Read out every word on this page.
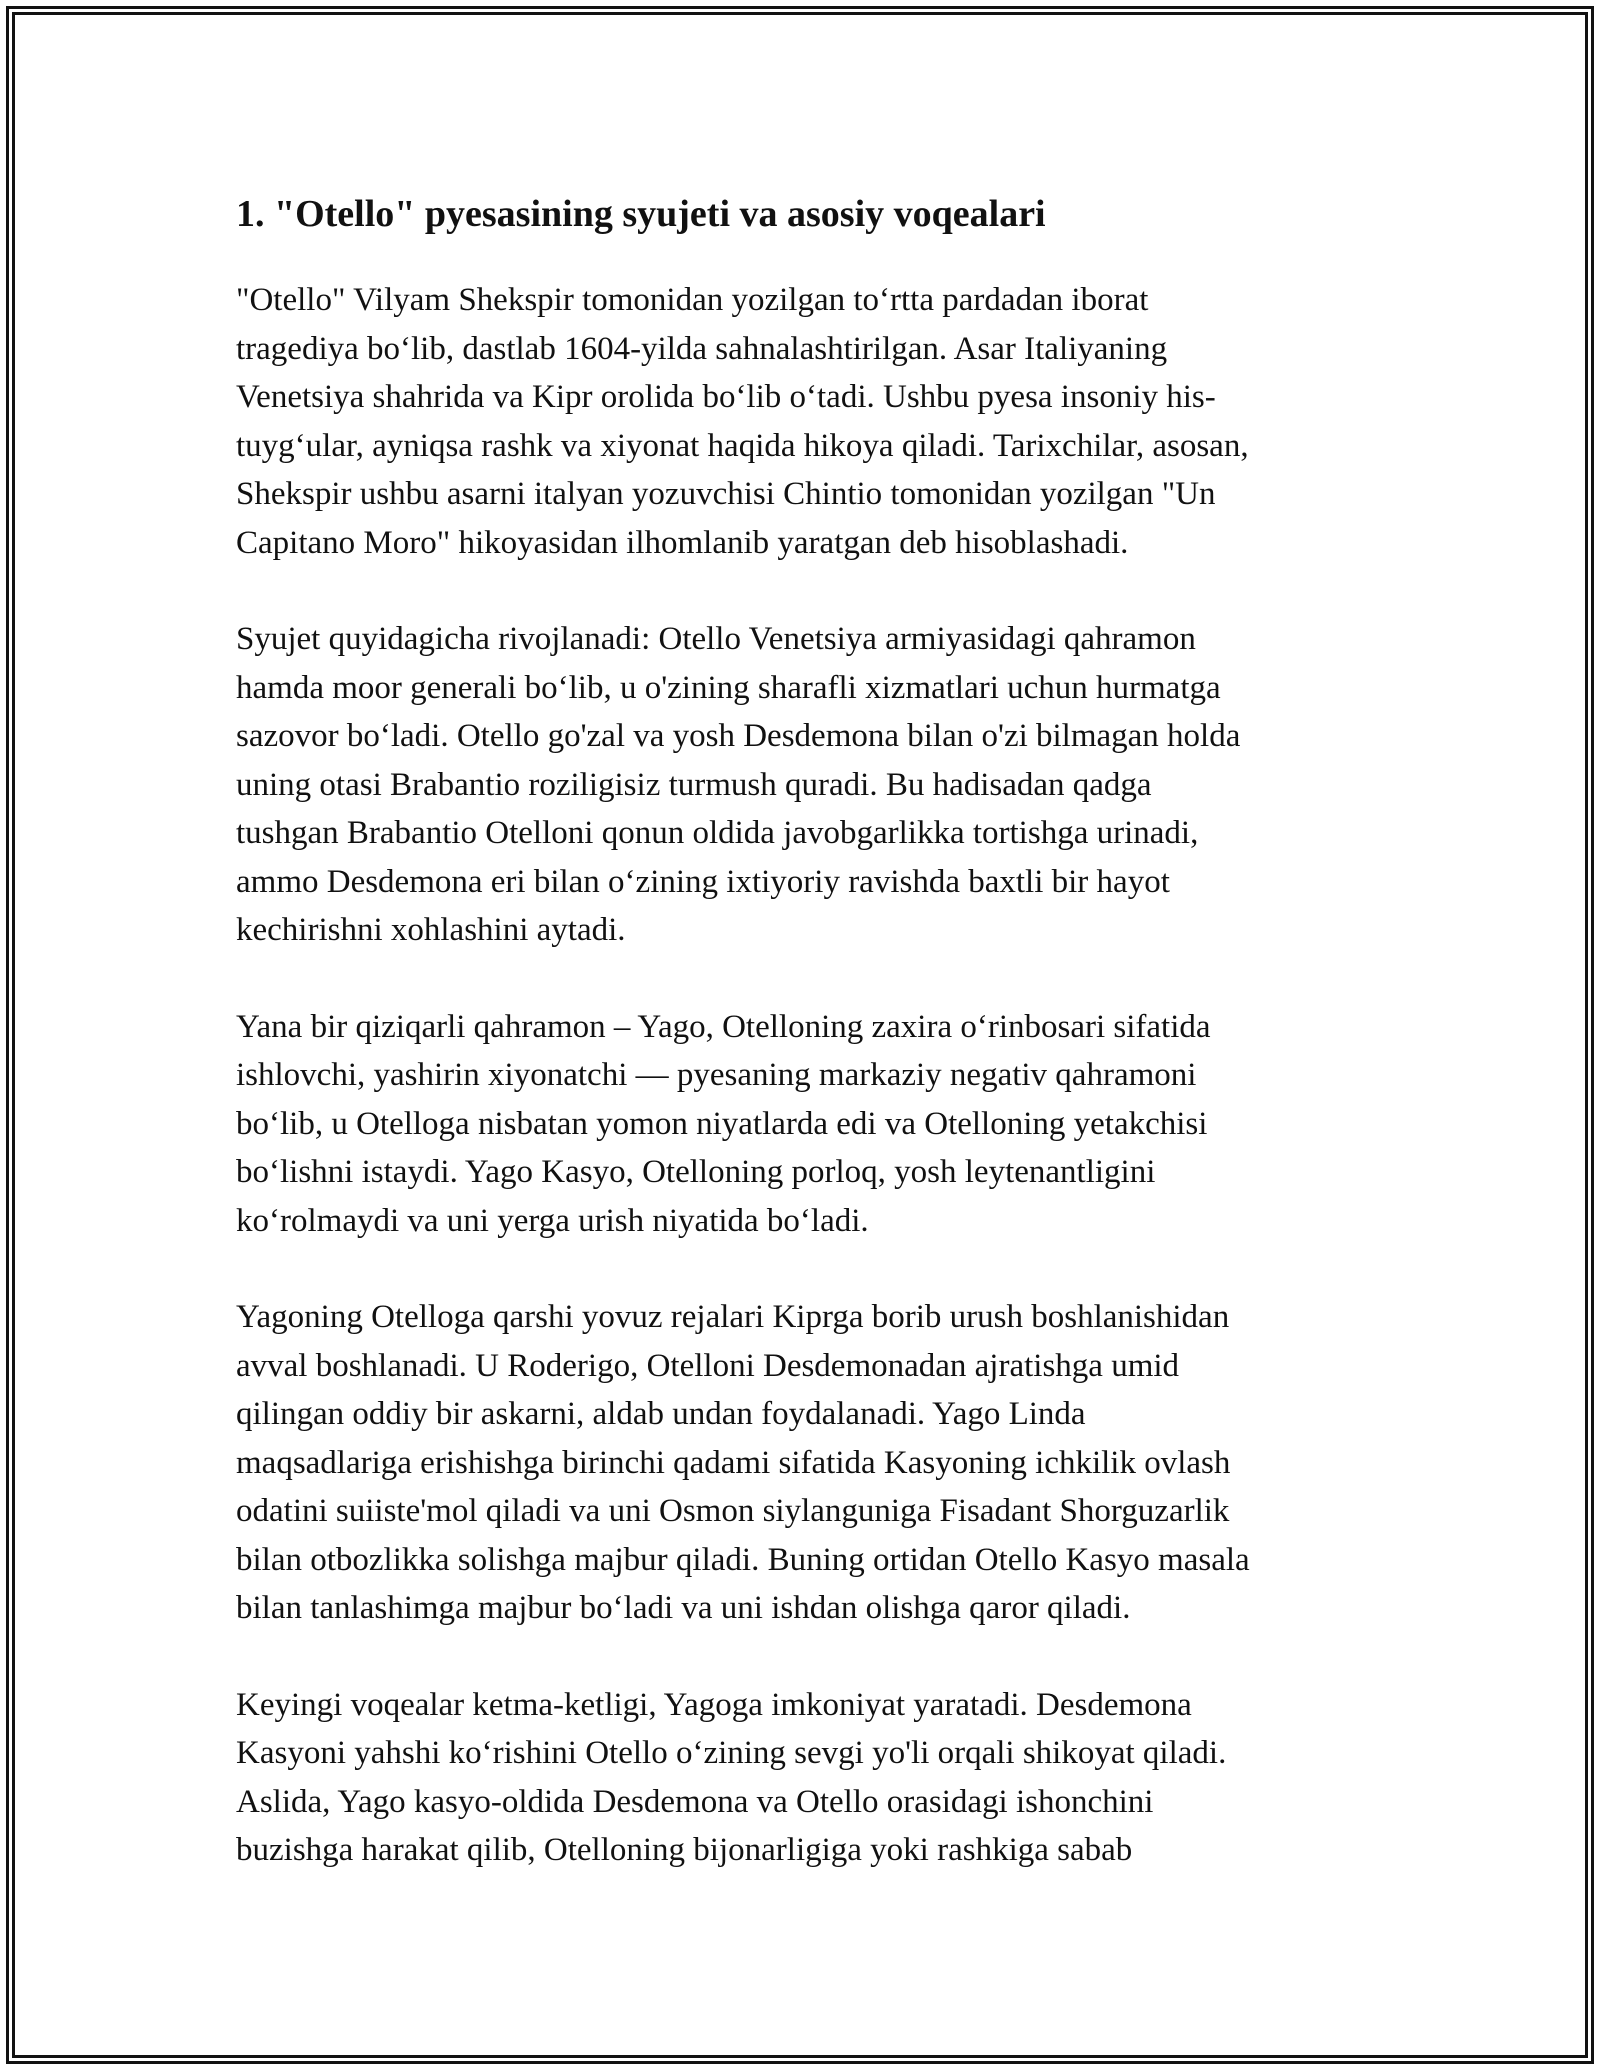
1. "Otello" pyesasining syujeti va asosiy voqealari

"Otello" Vilyam Shekspir tomonidan yozilgan to‘rtta pardadan iborat
tragediya bo‘lib, dastlab 1604-yilda sahnalashtirilgan. Asar Italiyaning
Venetsiya shahrida va Kipr orolida bo‘lib o‘tadi. Ushbu pyesa insoniy his-
tuyg‘ular, ayniqsa rashk va xiyonat haqida hikoya qiladi. Tarixchilar, asosan,
Shekspir ushbu asarni italyan yozuvchisi Chintio tomonidan yozilgan "Un
Capitano Moro" hikoyasidan ilhomlanib yaratgan deb hisoblashadi.

Syujet quyidagicha rivojlanadi: Otello Venetsiya armiyasidagi qahramon
hamda moor generali bo‘lib, u o'zining sharafli xizmatlari uchun hurmatga
sazovor bo‘ladi. Otello go'zal va yosh Desdemona bilan o'zi bilmagan holda
uning otasi Brabantio roziligisiz turmush quradi. Bu hadisadan qadga
tushgan Brabantio Otelloni qonun oldida javobgarlikka tortishga urinadi,
ammo Desdemona eri bilan o‘zining ixtiyoriy ravishda baxtli bir hayot
kechirishni xohlashini aytadi.

Yana bir qiziqarli qahramon – Yago, Otelloning zaxira o‘rinbosari sifatida
ishlovchi, yashirin xiyonatchi — pyesaning markaziy negativ qahramoni
bo‘lib, u Otelloga nisbatan yomon niyatlarda edi va Otelloning yetakchisi
bo‘lishni istaydi. Yago Kasyo, Otelloning porloq, yosh leytenantligini
ko‘rolmaydi va uni yerga urish niyatida bo‘ladi.

Yagoning Otelloga qarshi yovuz rejalari Kiprga borib urush boshlanishidan
avval boshlanadi. U Roderigo, Otelloni Desdemonadan ajratishga umid
qilingan oddiy bir askarni, aldab undan foydalanadi. Yago Linda
maqsadlariga erishishga birinchi qadami sifatida Kasyoning ichkilik ovlash
odatini suiiste'mol qiladi va uni Osmon siylanguniga Fisadant Shorguzarlik
bilan otbozlikka solishga majbur qiladi. Buning ortidan Otello Kasyo masala
bilan tanlashimga majbur bo‘ladi va uni ishdan olishga qaror qiladi.

Keyingi voqealar ketma-ketligi, Yagoga imkoniyat yaratadi. Desdemona
Kasyoni yahshi ko‘rishini Otello o‘zining sevgi yo'li orqali shikoyat qiladi.
Aslida, Yago kasyo-oldida Desdemona va Otello orasidagi ishonchini
buzishga harakat qilib, Otelloning bijonarligiga yoki rashkiga sabab
